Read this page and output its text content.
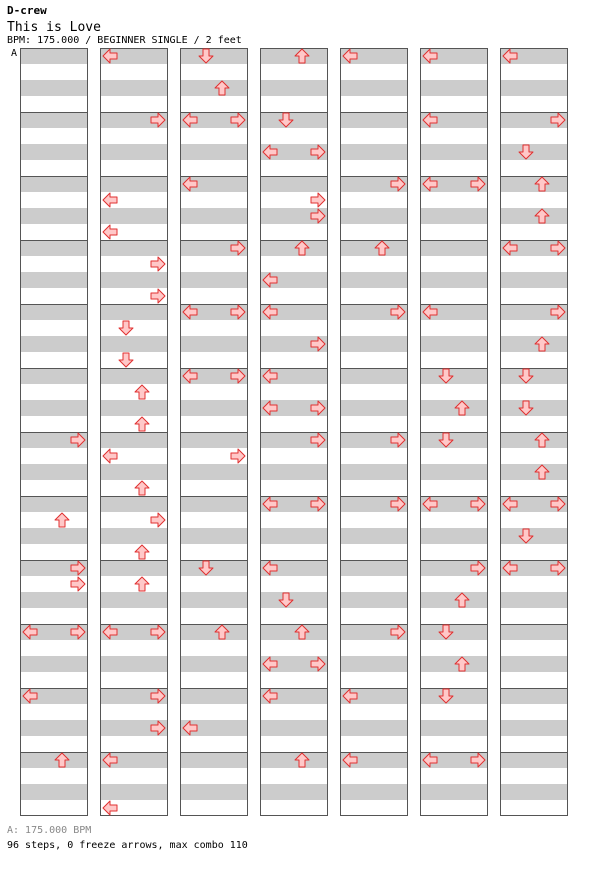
D-crew
This is Love
BPM: 175.000 / BEGINNER SINGLE / 2 feet
A
A: 175.000 BPM
96 steps, 0 freeze arrows, max combo 110
